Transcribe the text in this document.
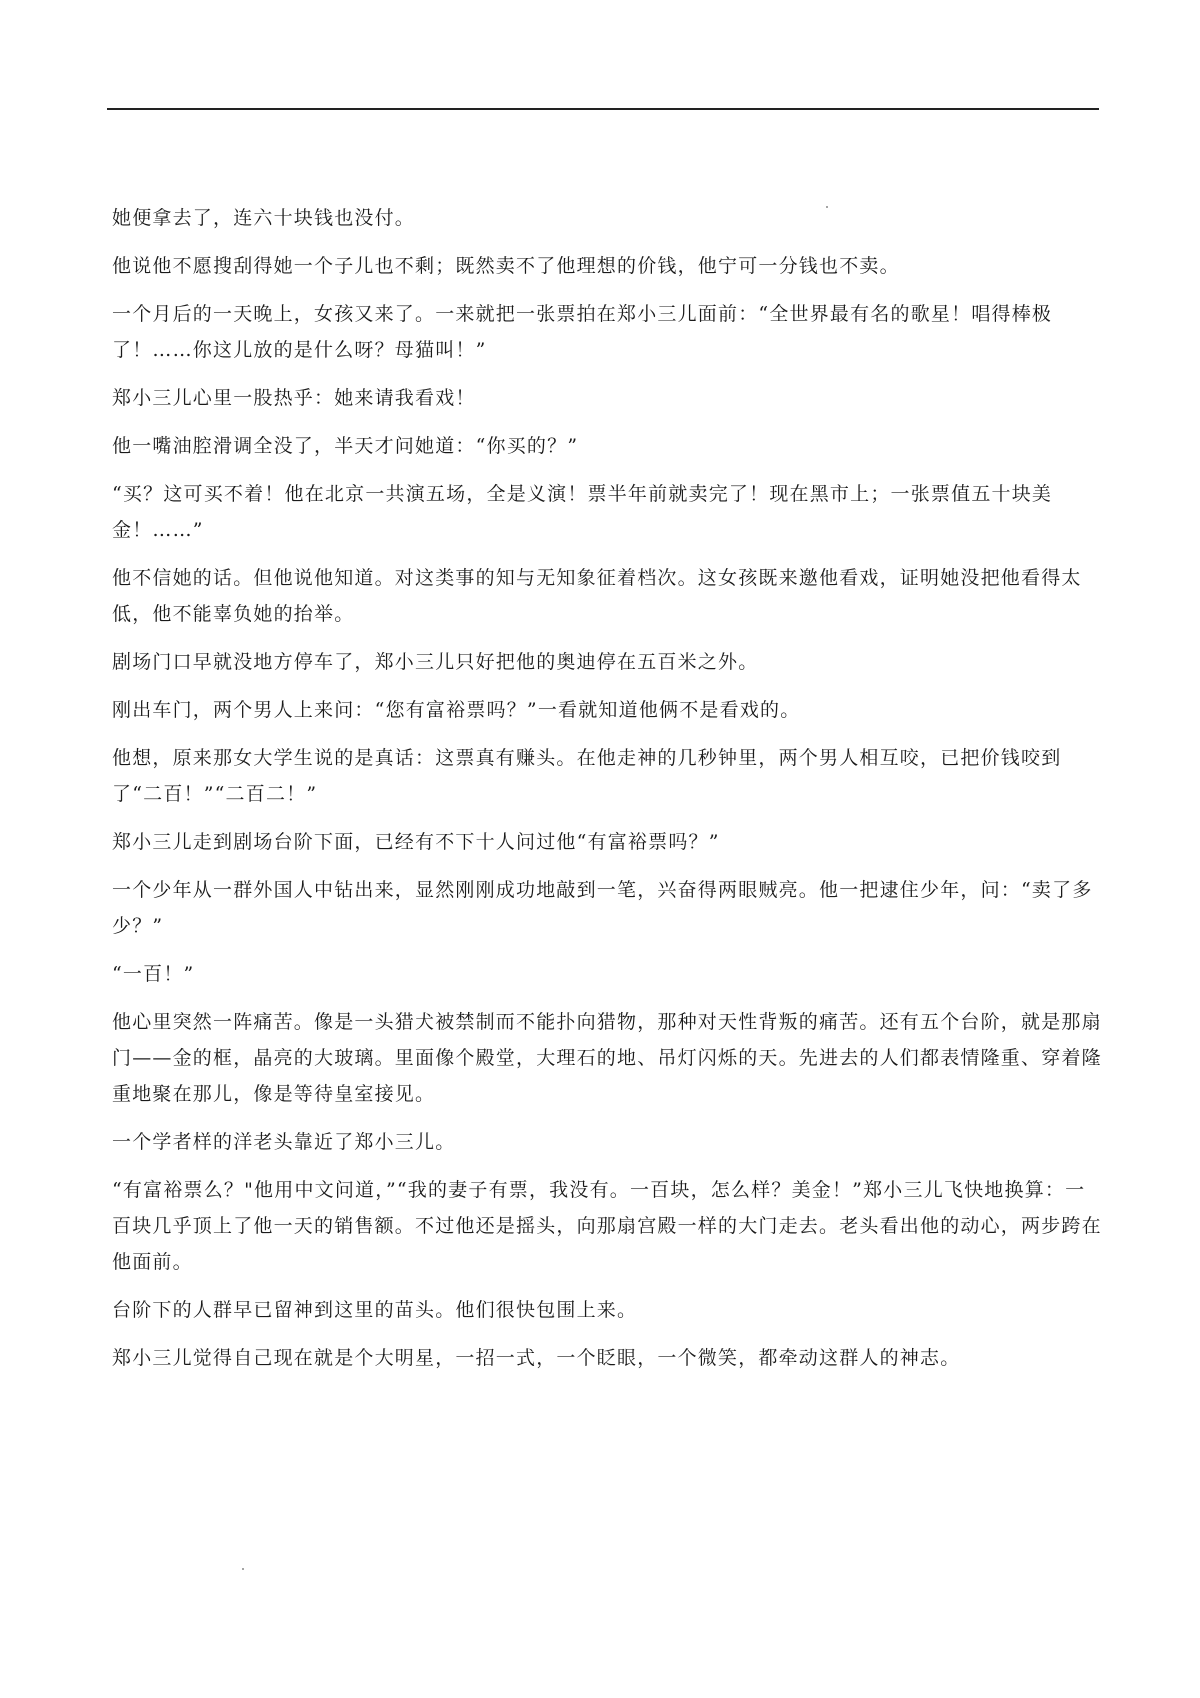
她便拿去了，连六十块钱也没付。

他说他不愿搜刮得她一个子儿也不剩；既然卖不了他理想的价钱，他宁可一分钱也不卖。

一个月后的一天晚上，女孩又来了。一来就把一张票拍在郑小三儿面前：“全世界最有名的歌星！唱得棒极了！……你这儿放的是什么呀？母猫叫！”

郑小三儿心里一股热乎：她来请我看戏！

他一嘴油腔滑调全没了，半天才问她道：“你买的？”

“买？这可买不着！他在北京一共演五场，全是义演！票半年前就卖完了！现在黑市上；一张票值五十块美金！……”

他不信她的话。但他说他知道。对这类事的知与无知象征着档次。这女孩既来邀他看戏，证明她没把他看得太低，他不能辜负她的抬举。

剧场门口早就没地方停车了，郑小三儿只好把他的奥迪停在五百米之外。

刚出车门，两个男人上来问：“您有富裕票吗？”一看就知道他俩不是看戏的。

他想，原来那女大学生说的是真话：这票真有赚头。在他走神的几秒钟里，两个男人相互咬，已把价钱咬到了“二百！”“二百二！”

郑小三儿走到剧场台阶下面，已经有不下十人问过他“有富裕票吗？”

一个少年从一群外国人中钻出来，显然刚刚成功地敲到一笔，兴奋得两眼贼亮。他一把逮住少年，问：“卖了多少？”

“一百！”

他心里突然一阵痛苦。像是一头猎犬被禁制而不能扑向猎物，那种对天性背叛的痛苦。还有五个台阶，就是那扇门——金的框，晶亮的大玻璃。里面像个殿堂，大理石的地、吊灯闪烁的天。先进去的人们都表情隆重、穿着隆重地聚在那儿，像是等待皇室接见。

一个学者样的洋老头靠近了郑小三儿。

“有富裕票么？"他用中文问道，”“我的妻子有票，我没有。一百块，怎么样？美金！”郑小三儿飞快地换算：一百块几乎顶上了他一天的销售额。不过他还是摇头，向那扇宫殿一样的大门走去。老头看出他的动心，两步跨在他面前。

台阶下的人群早已留神到这里的苗头。他们很快包围上来。

郑小三儿觉得自己现在就是个大明星，一招一式，一个眨眼，一个微笑，都牵动这群人的神志。
